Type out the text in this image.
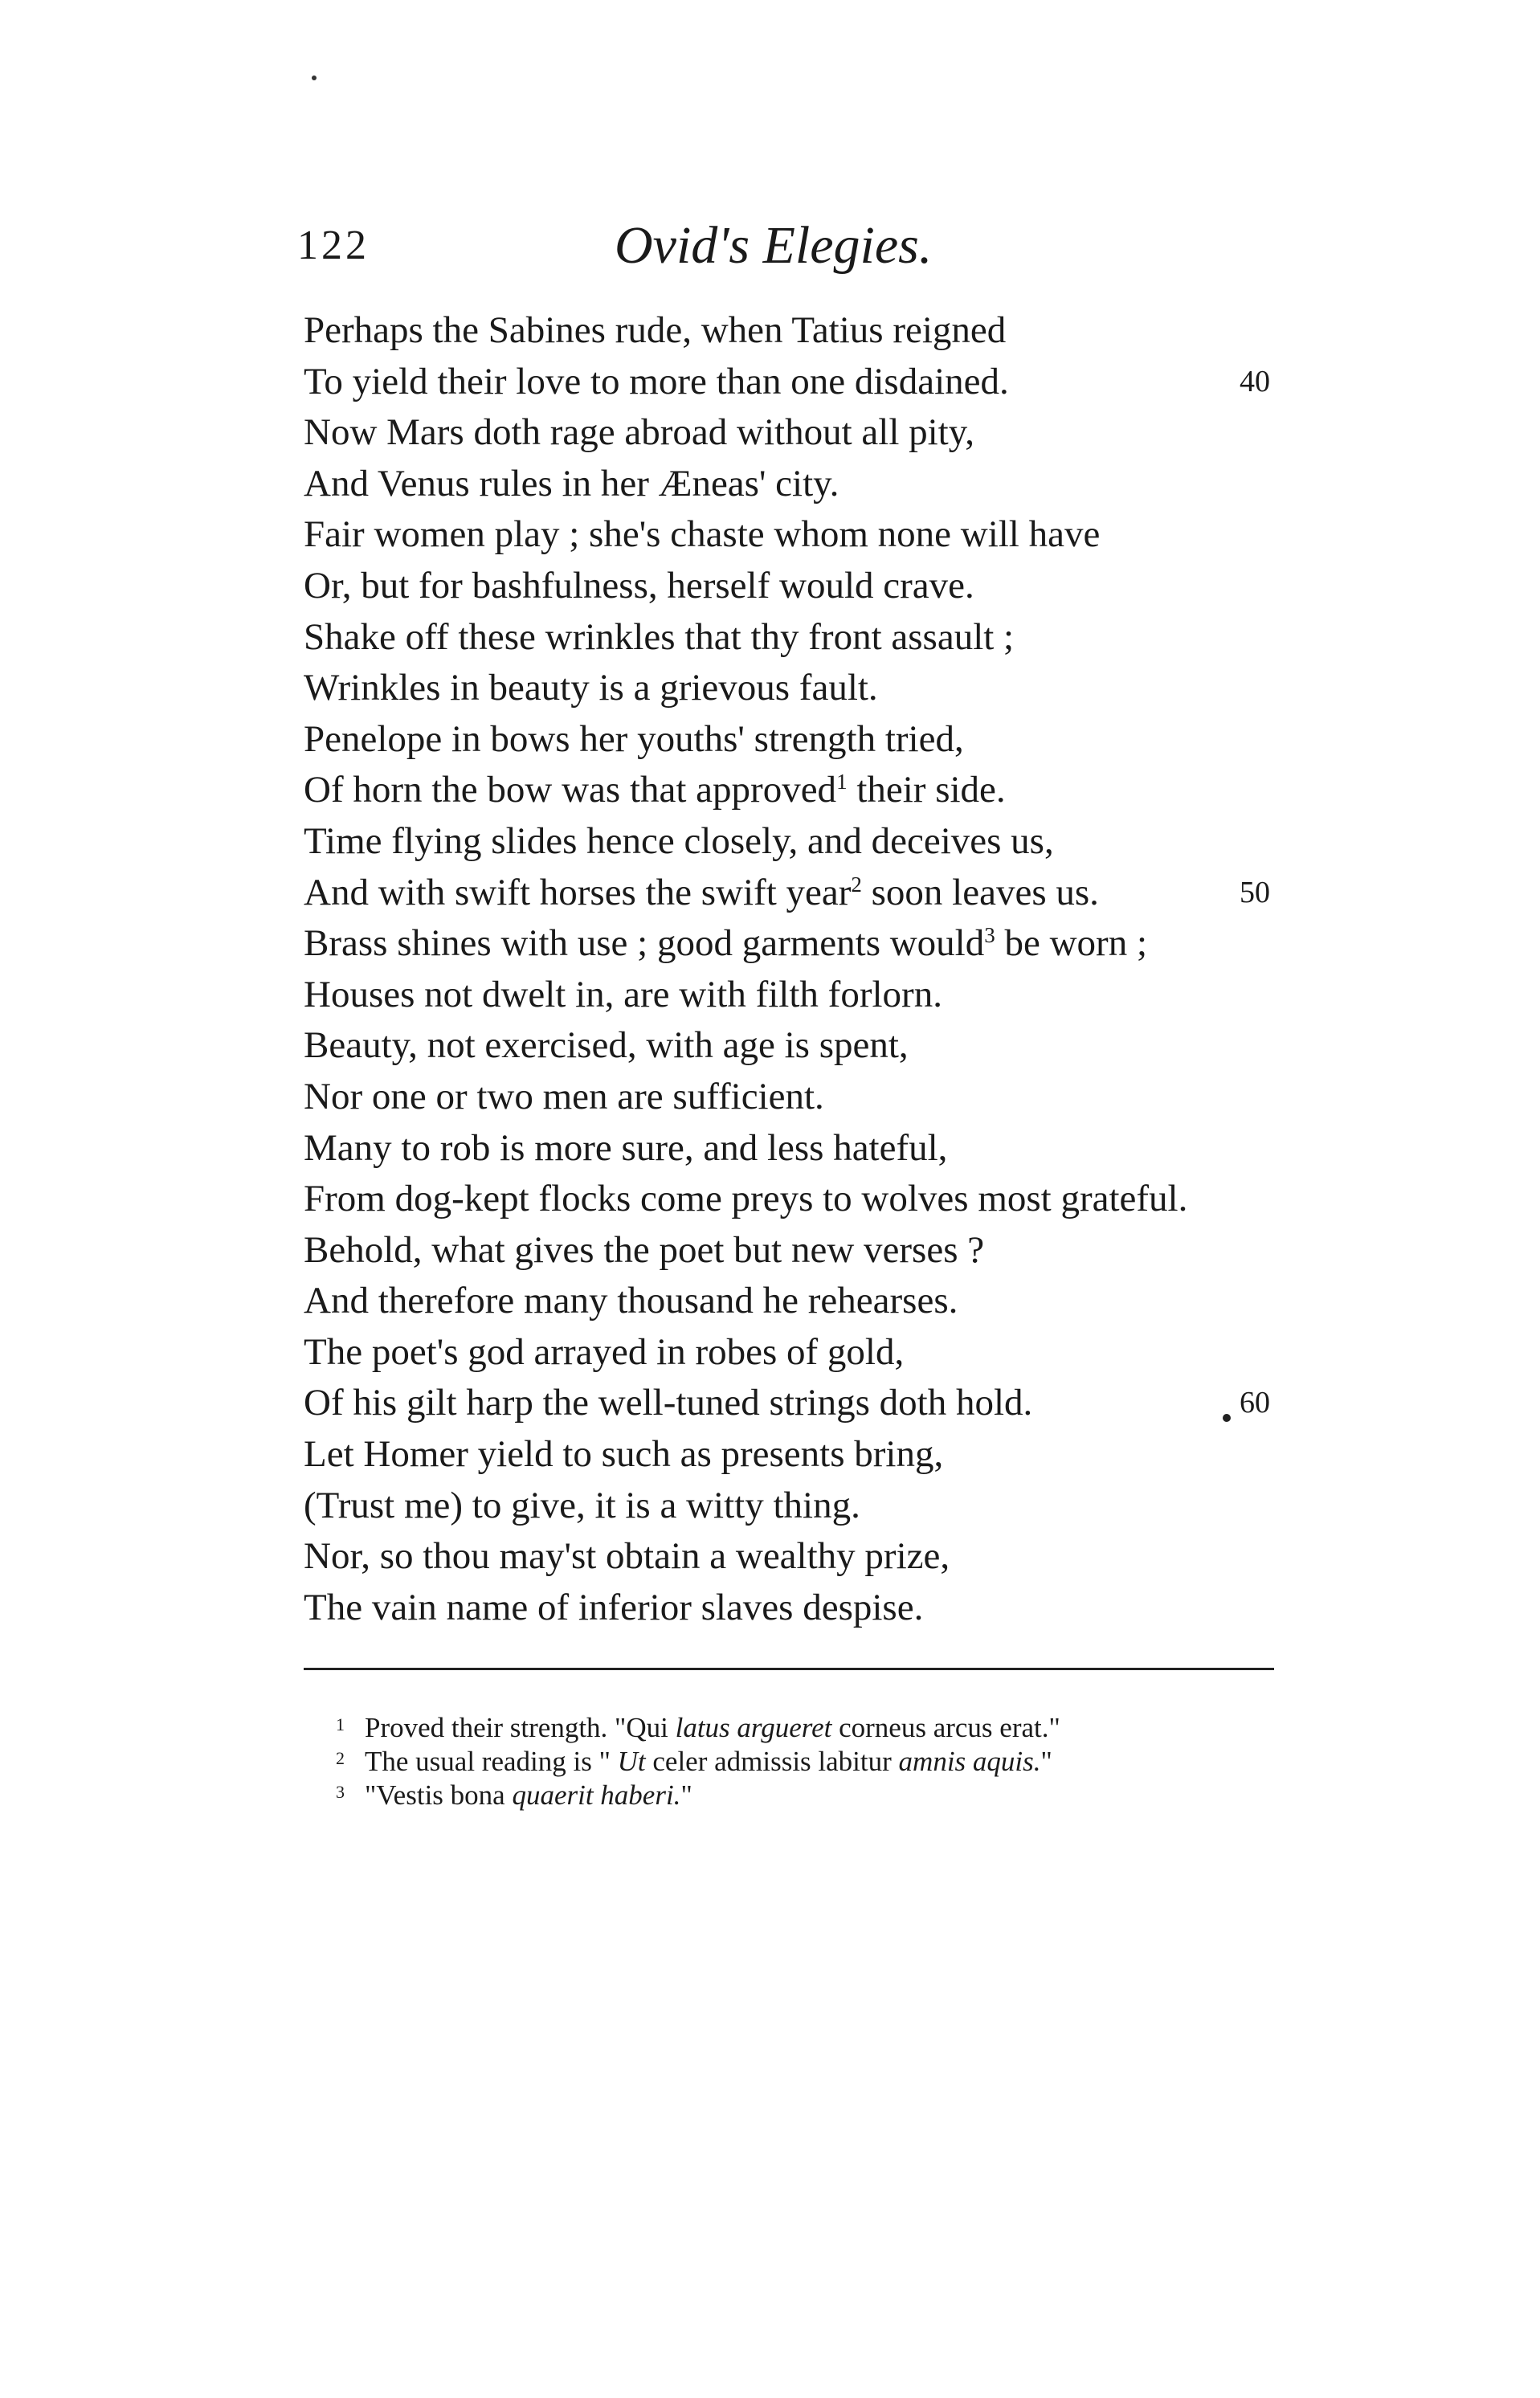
122	Ovid's Elegies.
Perhaps the Sabines rude, when Tatius reigned
To yield their love to more than one disdained.	40
Now Mars doth rage abroad without all pity,
And Venus rules in her Æneas' city.
Fair women play ; she's chaste whom none will have
Or, but for bashfulness, herself would crave.
Shake off these wrinkles that thy front assault ;
Wrinkles in beauty is a grievous fault.
Penelope in bows her youths' strength tried,
Of horn the bow was that approved$^1$ their side.
Time flying slides hence closely, and deceives us,
And with swift horses the swift year$^2$ soon leaves us.	50
Brass shines with use ; good garments would$^3$ be worn ;
Houses not dwelt in, are with filth forlorn.
Beauty, not exercised, with age is spent,
Nor one or two men are sufficient.
Many to rob is more sure, and less hateful,
From dog-kept flocks come preys to wolves most grateful.
Behold, what gives the poet but new verses ?
And therefore many thousand he rehearses.
The poet's god arrayed in robes of gold,
Of his gilt harp the well-tuned strings doth hold.	60
Let Homer yield to such as presents bring,
(Trust me) to give, it is a witty thing.
Nor, so thou may'st obtain a wealthy prize,
The vain name of inferior slaves despise.
1 Proved their strength. "Qui latus argueret corneus arcus erat."
2 The usual reading is " Ut celer admissis labitur amnis aquis."
3 "Vestis bona quaerit haberi."
